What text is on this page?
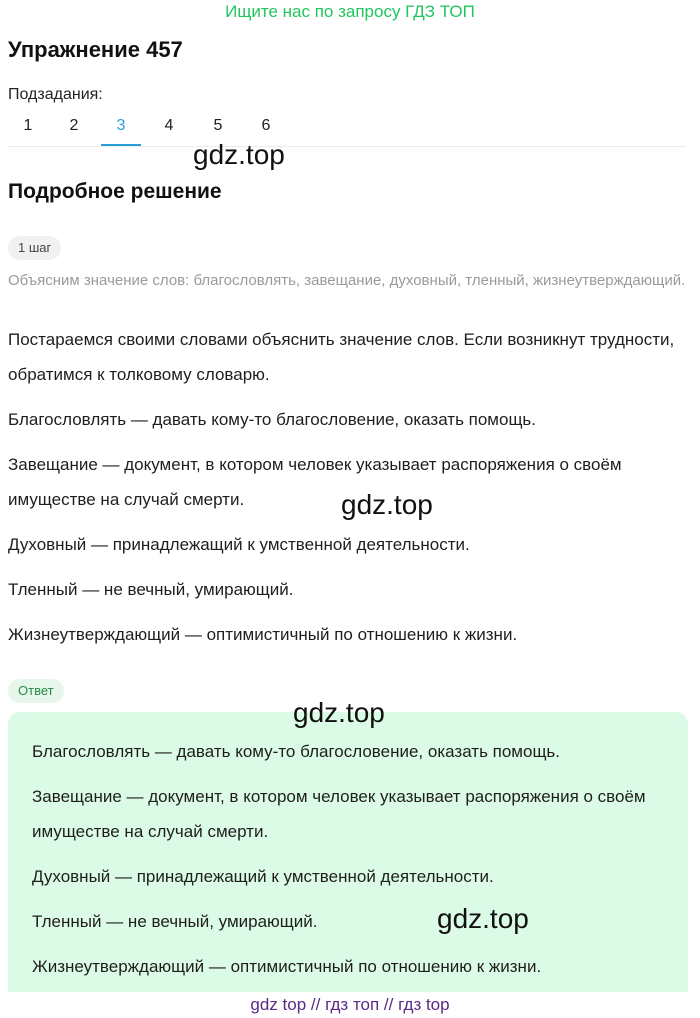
Ищите нас по запросу ГДЗ ТОП
Упражнение 457
Подзадания:
1	2	3	4	5	6
gdz.top
Подробное решение
1 шаг
Объясним значение слов: благословлять, завещание, духовный, тленный, жизнеутверждающий.

Постараемся своими словами объяснить значение слов. Если возникнут трудности, обратимся к толковому словарю.

Благословлять — давать кому-то благословение, оказать помощь.

Завещание — документ, в котором человек указывает распоряжения о своём имуществе на случай смерти.

Духовный — принадлежащий к умственной деятельности.

Тленный — не вечный, умирающий.

Жизнеутверждающий — оптимистичный по отношению к жизни.

gdz.top
Ответ

Благословлять — давать кому-то благословение, оказать помощь.

Завещание — документ, в котором человек указывает распоряжения о своём имуществе на случай смерти.

Духовный — принадлежащий к умственной деятельности.

Тленный — не вечный, умирающий.

Жизнеутверждающий — оптимистичный по отношению к жизни.

gdz.top
gdz.top
gdz top // гдз топ // гдз top
